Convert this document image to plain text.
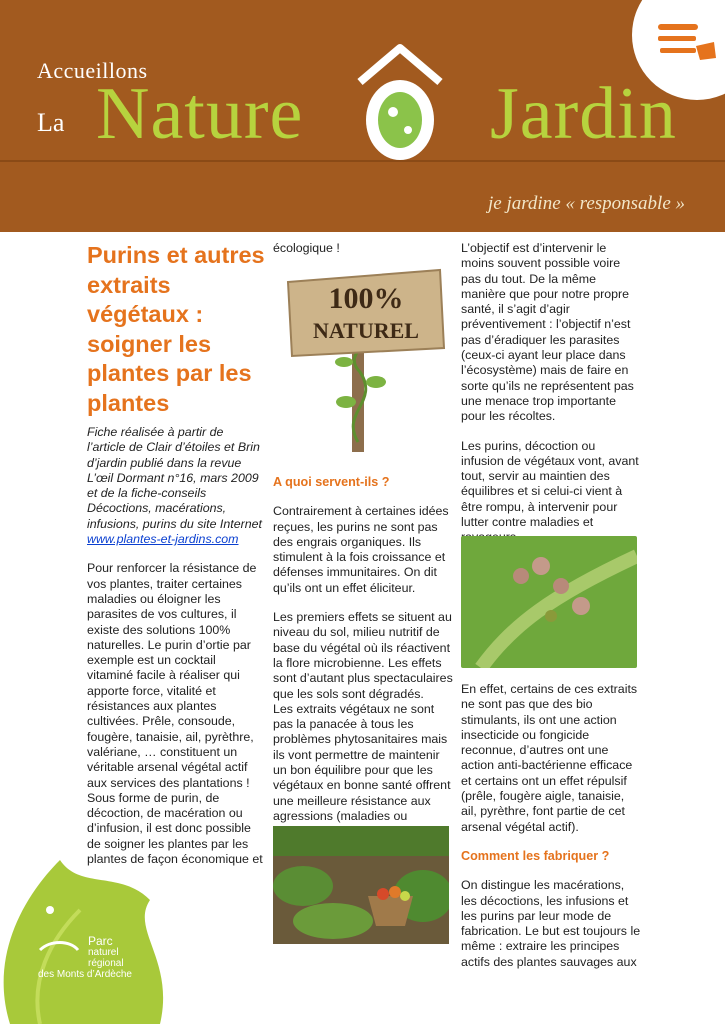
Accueillons
La Nature	Jardin
je jardine « responsable »
Purins et autres extraits végétaux : soigner les plantes par les plantes

Fiche réalisée à partir de l’article de Clair d’étoiles et Brin d’jardin publié dans la revue L’œil Dormant n°16, mars 2009 et de la fiche-conseils Décoctions, macérations, infusions, purins du site Internet www.plantes-et-jardins.com

Pour renforcer la résistance de vos plantes, traiter certaines maladies ou éloigner les parasites de vos cultures, il existe des solutions 100% naturelles. Le purin d’ortie par exemple est un cocktail vitaminé facile à réaliser qui apporte force, vitalité et résistances aux plantes cultivées. Prêle, consoude, fougère, tanaisie, ail, pyrèthre, valériane, … constituent un véritable arsenal végétal actif aux services des plantations ! Sous forme de purin, de décoction, de macération ou d’infusion, il est donc possible de soigner les plantes par les plantes de façon économique et

écologique !

100%
NATUREL

A quoi servent-ils ?

Contrairement à certaines idées reçues, les purins ne sont pas des engrais organiques. Ils stimulent à la fois croissance et défenses immunitaires. On dit qu’ils ont un effet éliciteur.

Les premiers effets se situent au niveau du sol, milieu nutritif de base du végétal où ils réactivent la flore microbienne. Les effets sont d’autant plus spectaculaires que les sols sont dégradés.

Les extraits végétaux ne sont pas la panacée à tous les problèmes phytosanitaires mais ils vont permettre de maintenir un bon équilibre pour que les végétaux en bonne santé offrent une meilleure résistance aux agressions (maladies ou

L’objectif est d’intervenir le moins souvent possible voire pas du tout. De la même manière que pour notre propre santé, il s’agit d’agir préventivement : l’objectif n’est pas d’éradiquer les parasites (ceux-ci ayant leur place dans l’écosystème) mais de faire en sorte qu’ils ne représentent pas une menace trop importante pour les récoltes.

Les purins, décoction ou infusion de végétaux vont, avant tout, servir au maintien des équilibres et si celui-ci vient à être rompu, à intervenir pour lutter contre maladies et

En effet, certains de ces extraits ne sont pas que des bio stimulants, ils ont une action insecticide ou fongicide reconnue, d’autres ont une action anti-bactérienne efficace et certains ont un effet répulsif (prêle, fougère aigle, tanaisie, ail, pyrèthre, font partie de cet arsenal végétal actif).

Comment les fabriquer ?

On distingue les macérations, les décoctions, les infusions et les purins par leur mode de fabrication. Le but est toujours le même : extraire les principes actifs des plantes sauvages aux

Parc
naturel
régional
des Monts d’Ardèche
